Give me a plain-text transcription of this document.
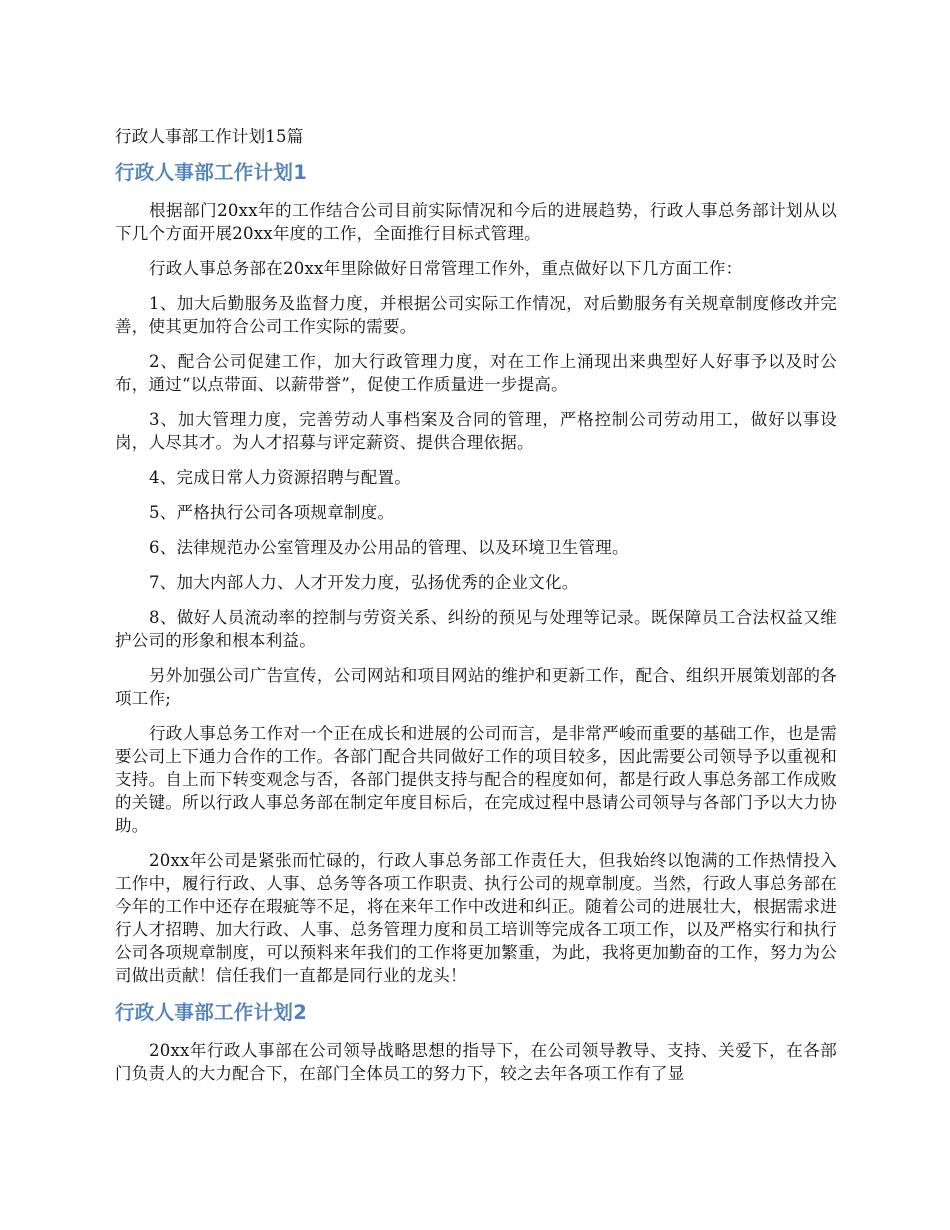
行政人事部工作计划15篇
行政人事部工作计划1

根据部门20xx年的工作结合公司目前实际情况和今后的进展趋势，行政人事总务部计划从以下几个方面开展20xx年度的工作，全面推行目标式管理。

行政人事总务部在20xx年里除做好日常管理工作外，重点做好以下几方面工作：

1、加大后勤服务及监督力度，并根据公司实际工作情况，对后勤服务有关规章制度修改并完善，使其更加符合公司工作实际的需要。

2、配合公司促建工作，加大行政管理力度，对在工作上涌现出来典型好人好事予以及时公布，通过“以点带面、以薪带誉”，促使工作质量进一步提高。

3、加大管理力度，完善劳动人事档案及合同的管理，严格控制公司劳动用工，做好以事设岗，人尽其才。为人才招募与评定薪资、提供合理依据。

4、完成日常人力资源招聘与配置。

5、严格执行公司各项规章制度。

6、法律规范办公室管理及办公用品的管理、以及环境卫生管理。

7、加大内部人力、人才开发力度，弘扬优秀的企业文化。

8、做好人员流动率的控制与劳资关系、纠纷的预见与处理等记录。既保障员工合法权益又维护公司的形象和根本利益。

另外加强公司广告宣传，公司网站和项目网站的维护和更新工作，配合、组织开展策划部的各项工作;

行政人事总务工作对一个正在成长和进展的公司而言，是非常严峻而重要的基础工作，也是需要公司上下通力合作的工作。各部门配合共同做好工作的项目较多，因此需要公司领导予以重视和支持。自上而下转变观念与否，各部门提供支持与配合的程度如何，都是行政人事总务部工作成败的关键。所以行政人事总务部在制定年度目标后，在完成过程中恳请公司领导与各部门予以大力协助。

20xx年公司是紧张而忙碌的，行政人事总务部工作责任大，但我始终以饱满的工作热情投入工作中，履行行政、人事、总务等各项工作职责、执行公司的规章制度。当然，行政人事总务部在今年的工作中还存在瑕疵等不足，将在来年工作中改进和纠正。随着公司的进展壮大，根据需求进行人才招聘、加大行政、人事、总务管理力度和员工培训等完成各工项工作，以及严格实行和执行公司各项规章制度，可以预料来年我们的工作将更加繁重，为此，我将更加勤奋的工作，努力为公司做出贡献！信任我们一直都是同行业的龙头！

行政人事部工作计划2

20xx年行政人事部在公司领导战略思想的指导下，在公司领导教导、支持、关爱下，在各部门负责人的大力配合下，在部门全体员工的努力下，较之去年各项工作有了显
